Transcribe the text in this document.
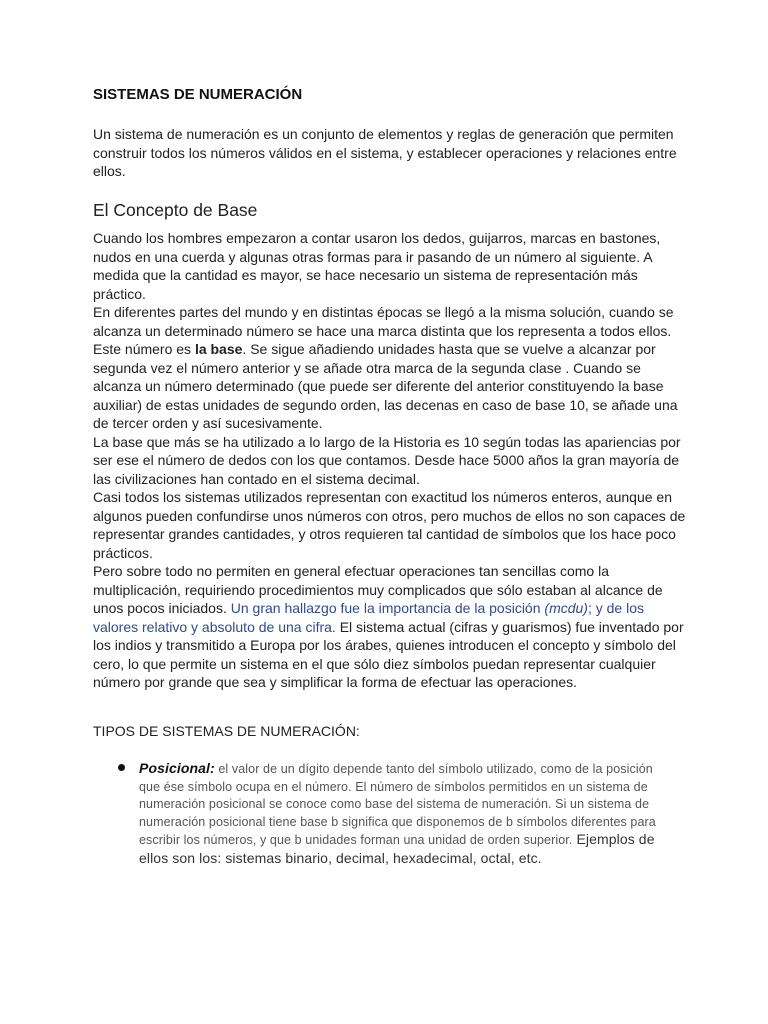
SISTEMAS DE NUMERACIÓN

Un sistema de numeración es un conjunto de elementos y reglas de generación que permiten construir todos los números válidos en el sistema, y establecer operaciones y relaciones entre ellos.

El Concepto de Base

Cuando los hombres empezaron a contar usaron los dedos, guijarros, marcas en bastones, nudos en una cuerda y algunas otras formas para ir pasando de un número al siguiente. A medida que la cantidad es mayor, se hace necesario un sistema de representación más práctico.

En diferentes partes del mundo y en distintas épocas se llegó a la misma solución, cuando se alcanza un determinado número se hace una marca distinta que los representa a todos ellos. Este número es la base. Se sigue añadiendo unidades hasta que se vuelve a alcanzar por segunda vez el número anterior y se añade otra marca de la segunda clase . Cuando se alcanza un número determinado (que puede ser diferente del anterior constituyendo la base auxiliar) de estas unidades de segundo orden, las decenas en caso de base 10, se añade una de tercer orden y así sucesivamente.

La base que más se ha utilizado a lo largo de la Historia es 10 según todas las apariencias por ser ese el número de dedos con los que contamos. Desde hace 5000 años la gran mayoría de las civilizaciones han contado en el sistema decimal.

Casi todos los sistemas utilizados representan con exactitud los números enteros, aunque en algunos pueden confundirse unos números con otros, pero muchos de ellos no son capaces de representar grandes cantidades, y otros requieren tal cantidad de símbolos que los hace poco prácticos.

Pero sobre todo no permiten en general efectuar operaciones tan sencillas como la multiplicación, requiriendo procedimientos muy complicados que sólo estaban al alcance de unos pocos iniciados. Un gran hallazgo fue la importancia de la posición (mcdu); y de los valores relativo y absoluto de una cifra. El sistema actual (cifras y guarismos) fue inventado por los indios y transmitido a Europa por los árabes, quienes introducen el concepto y símbolo del cero, lo que permite un sistema en el que sólo diez símbolos puedan representar cualquier número por grande que sea y simplificar la forma de efectuar las operaciones.

TIPOS DE SISTEMAS DE NUMERACIÓN:

Posicional: el valor de un dígito depende tanto del símbolo utilizado, como de la posición que ése símbolo ocupa en el número. El número de símbolos permitidos en un sistema de numeración posicional se conoce como base del sistema de numeración. Si un sistema de numeración posicional tiene base b significa que disponemos de b símbolos diferentes para escribir los números, y que b unidades forman una unidad de orden superior. Ejemplos de ellos son los: sistemas binario, decimal, hexadecimal, octal, etc.
